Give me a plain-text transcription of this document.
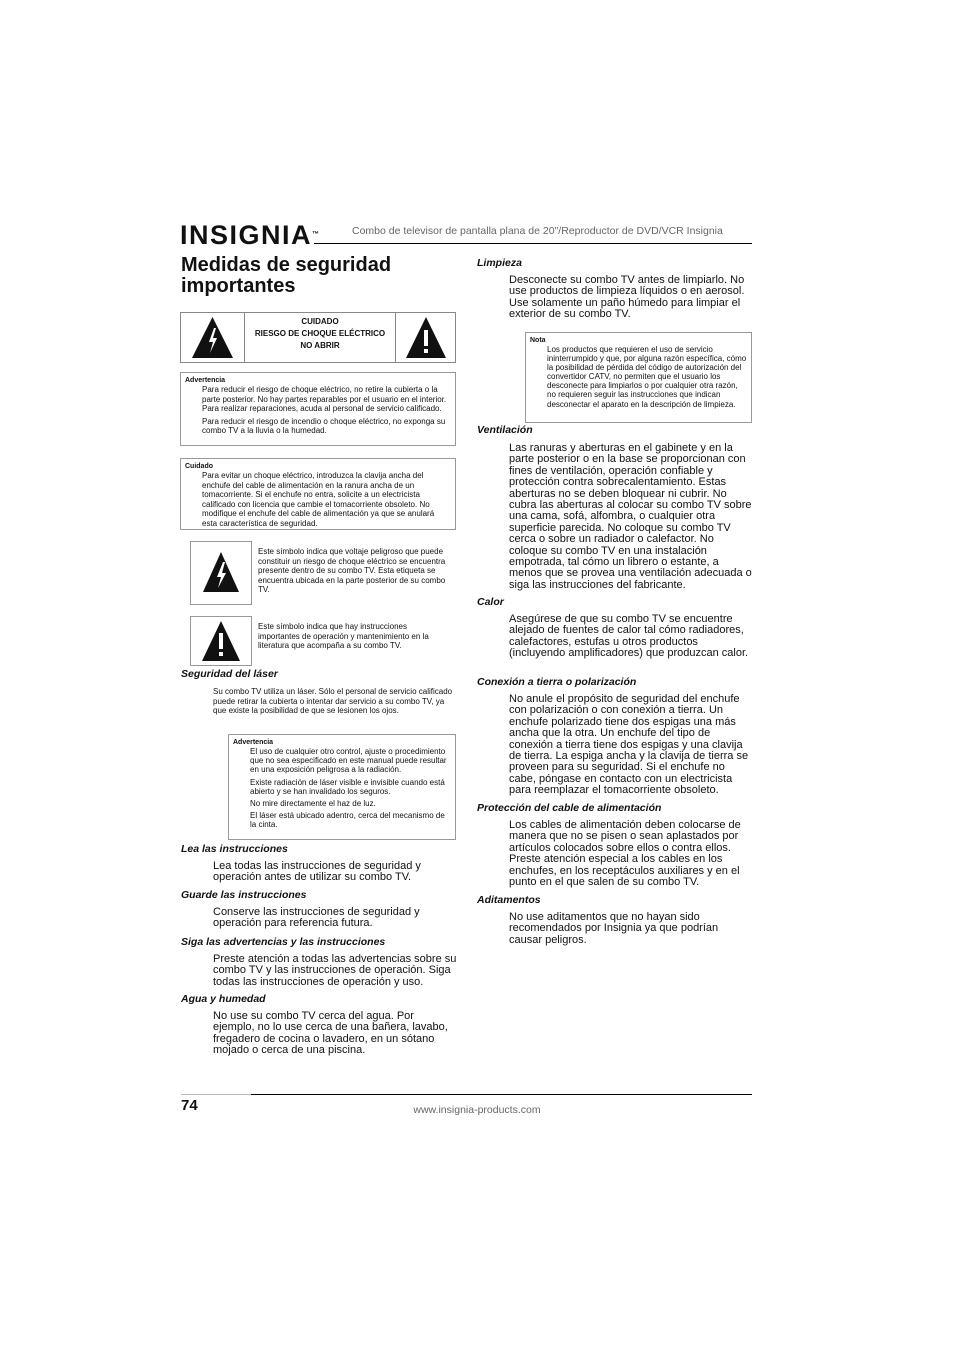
INSIGNIA™	Combo de televisor de pantalla plana de 20"/Reproductor de DVD/VCR Insignia
Medidas de seguridad importantes
CUIDADO
RIESGO DE CHOQUE ELÉCTRICO
NO ABRIR
Advertencia
Para reducir el riesgo de choque eléctrico, no retire la cubierta o la parte posterior. No hay partes reparables por el usuario en el interior. Para realizar reparaciones, acuda al personal de servicio calificado.
Para reducir el riesgo de incendio o choque eléctrico, no exponga su combo TV a la lluvia o la humedad.
Cuidado
Para evitar un choque eléctrico, introduzca la clavija ancha del enchufe del cable de alimentación en la ranura ancha de un tomacorriente. Si el enchufe no entra, solicite a un electricista calificado con licencia que cambie el tomacorriente obsoleto. No modifique el enchufe del cable de alimentación ya que se anulará esta característica de seguridad.
Este símbolo indica que voltaje peligroso que puede constituir un riesgo de choque eléctrico se encuentra presente dentro de su combo TV. Esta etiqueta se encuentra ubicada en la parte posterior de su combo TV.
Este símbolo indica que hay instrucciones importantes de operación y mantenimiento en la literatura que acompaña a su combo TV.
Seguridad del láser
Su combo TV utiliza un láser. Sólo el personal de servicio calificado puede retirar la cubierta o intentar dar servicio a su combo TV, ya que existe la posibilidad de que se lesionen los ojos.
Advertencia
El uso de cualquier otro control, ajuste o procedimiento que no sea especificado en este manual puede resultar en una exposición peligrosa a la radiación.
Existe radiación de láser visible e invisible cuando está abierto y se han invalidado los seguros.
No mire directamente el haz de luz.
El láser está ubicado adentro, cerca del mecanismo de la cinta.
Lea las instrucciones
Lea todas las instrucciones de seguridad y operación antes de utilizar su combo TV.
Guarde las instrucciones
Conserve las instrucciones de seguridad y operación para referencia futura.
Siga las advertencias y las instrucciones
Preste atención a todas las advertencias sobre su combo TV y las instrucciones de operación. Siga todas las instrucciones de operación y uso.
Agua y humedad
No use su combo TV cerca del agua. Por ejemplo, no lo use cerca de una bañera, lavabo, fregadero de cocina o lavadero, en un sótano mojado o cerca de una piscina.
Limpieza
Desconecte su combo TV antes de limpiarlo. No use productos de limpieza líquidos o en aerosol. Use solamente un paño húmedo para limpiar el exterior de su combo TV.
Nota
Los productos que requieren el uso de servicio ininterrumpido y que, por alguna razón específica, cómo la posibilidad de pérdida del código de autorización del convertidor CATV, no permiten que el usuario los desconecte para limpiarlos o por cualquier otra razón, no requieren seguir las instrucciones que indican desconectar el aparato en la descripción de limpieza.
Ventilación
Las ranuras y aberturas en el gabinete y en la parte posterior o en la base se proporcionan con fines de ventilación, operación confiable y protección contra sobrecalentamiento. Estas aberturas no se deben bloquear ni cubrir. No cubra las aberturas al colocar su combo TV sobre una cama, sofá, alfombra, o cualquier otra superficie parecida. No coloque su combo TV cerca o sobre un radiador o calefactor. No coloque su combo TV en una instalación empotrada, tal cómo un librero o estante, a menos que se provea una ventilación adecuada o siga las instrucciones del fabricante.
Calor
Asegúrese de que su combo TV se encuentre alejado de fuentes de calor tal cómo radiadores, calefactores, estufas u otros productos (incluyendo amplificadores) que produzcan calor.
Conexión a tierra o polarización
No anule el propósito de seguridad del enchufe con polarización o con conexión a tierra. Un enchufe polarizado tiene dos espigas una más ancha que la otra. Un enchufe del tipo de conexión a tierra tiene dos espigas y una clavija de tierra. La espiga ancha y la clavija de tierra se proveen para su seguridad. Si el enchufe no cabe, póngase en contacto con un electricista para reemplazar el tomacorriente obsoleto.
Protección del cable de alimentación
Los cables de alimentación deben colocarse de manera que no se pisen o sean aplastados por artículos colocados sobre ellos o contra ellos. Preste atención especial a los cables en los enchufes, en los receptáculos auxiliares y en el punto en el que salen de su combo TV.
Aditamentos
No use aditamentos que no hayan sido recomendados por Insignia ya que podrían causar peligros.
74	www.insignia-products.com
